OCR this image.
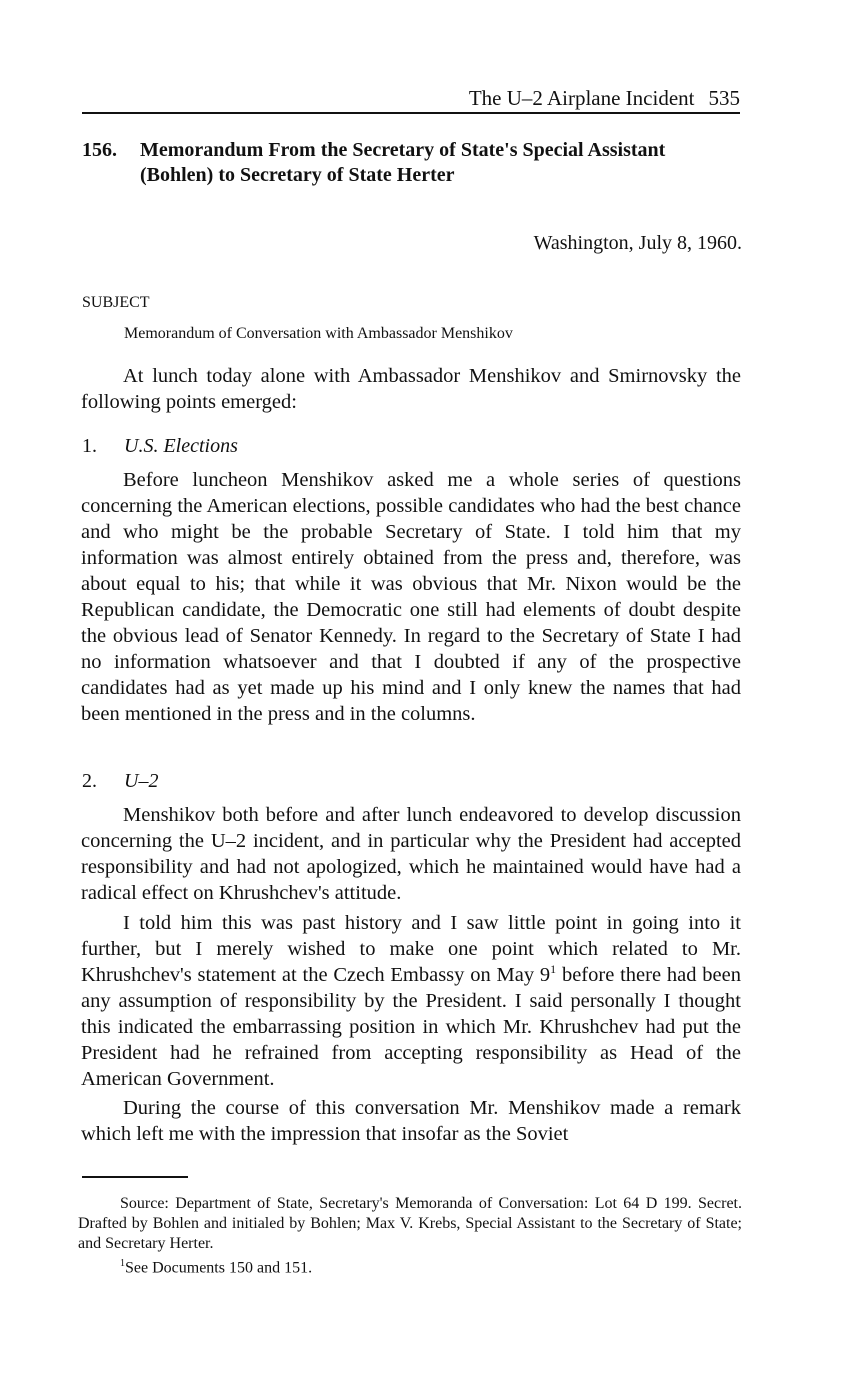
The U–2 Airplane Incident 535
156. Memorandum From the Secretary of State's Special Assistant (Bohlen) to Secretary of State Herter
Washington, July 8, 1960.
SUBJECT
Memorandum of Conversation with Ambassador Menshikov

At lunch today alone with Ambassador Menshikov and Smirnovsky the following points emerged:

1. U.S. Elections

Before luncheon Menshikov asked me a whole series of questions concerning the American elections, possible candidates who had the best chance and who might be the probable Secretary of State. I told him that my information was almost entirely obtained from the press and, therefore, was about equal to his; that while it was obvious that Mr. Nixon would be the Republican candidate, the Democratic one still had elements of doubt despite the obvious lead of Senator Kennedy. In regard to the Secretary of State I had no information whatsoever and that I doubted if any of the prospective candidates had as yet made up his mind and I only knew the names that had been mentioned in the press and in the columns.

2. U–2

Menshikov both before and after lunch endeavored to develop discussion concerning the U–2 incident, and in particular why the President had accepted responsibility and had not apologized, which he maintained would have had a radical effect on Khrushchev's attitude.

I told him this was past history and I saw little point in going into it further, but I merely wished to make one point which related to Mr. Khrushchev's statement at the Czech Embassy on May 9$^1$ before there had been any assumption of responsibility by the President. I said personally I thought this indicated the embarrassing position in which Mr. Khrushchev had put the President had he refrained from accepting responsibility as Head of the American Government.

During the course of this conversation Mr. Menshikov made a remark which left me with the impression that insofar as the Soviet

Source: Department of State, Secretary's Memoranda of Conversation: Lot 64 D 199. Secret. Drafted by Bohlen and initialed by Bohlen; Max V. Krebs, Special Assistant to the Secretary of State; and Secretary Herter.

$^1$See Documents 150 and 151.
